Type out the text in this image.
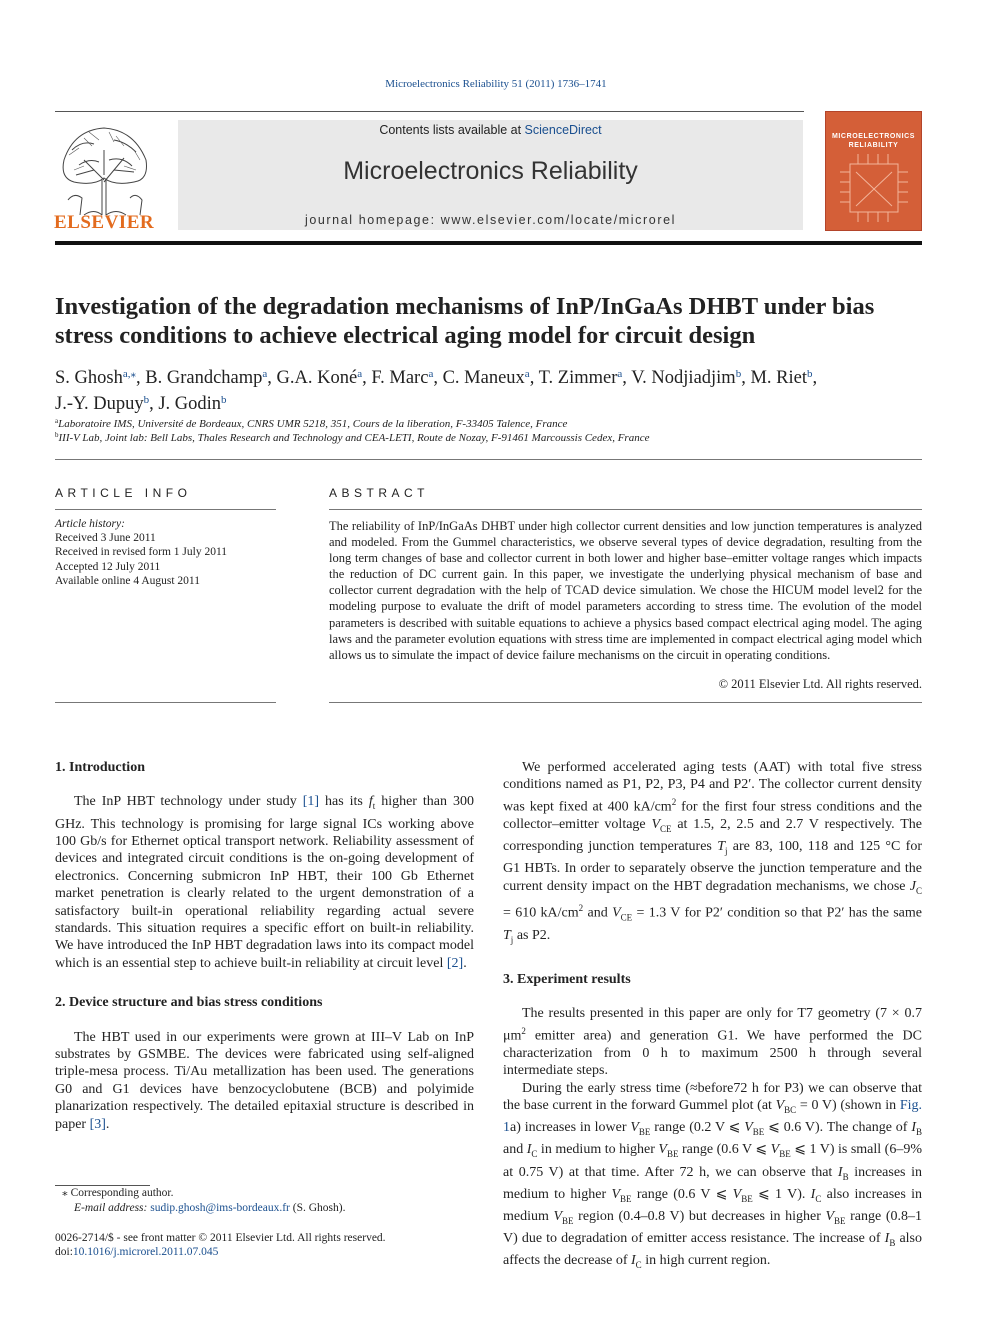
Microelectronics Reliability 51 (2011) 1736–1741
ELSEVIER
Contents lists available at ScienceDirect
Microelectronics Reliability
journal homepage: www.elsevier.com/locate/microrel
MICROELECTRONICS RELIABILITY
Investigation of the degradation mechanisms of InP/InGaAs DHBT under bias stress conditions to achieve electrical aging model for circuit design
S. Ghosh$^{a,⁎}$, B. Grandchamp$^a$, G.A. Koné$^a$, F. Marc$^a$, C. Maneux$^a$, T. Zimmer$^a$, V. Nodjiadjim$^b$, M. Riet$^b$,
J.-Y. Dupuy$^b$, J. Godin$^b$
$^a$Laboratoire IMS, Université de Bordeaux, CNRS UMR 5218, 351, Cours de la liberation, F-33405 Talence, France
$^b$III-V Lab, Joint lab: Bell Labs, Thales Research and Technology and CEA-LETI, Route de Nozay, F-91461 Marcoussis Cedex, France
ARTICLE INFO
Article history:
Received 3 June 2011
Received in revised form 1 July 2011
Accepted 12 July 2011
Available online 4 August 2011
ABSTRACT
The reliability of InP/InGaAs DHBT under high collector current densities and low junction temperatures is analyzed and modeled. From the Gummel characteristics, we observe several types of device degradation, resulting from the long term changes of base and collector current in both lower and higher base–emitter voltage ranges which impacts the reduction of DC current gain. In this paper, we investigate the underlying physical mechanism of base and collector current degradation with the help of TCAD device simulation. We chose the HICUM model level2 for the modeling purpose to evaluate the drift of model parameters according to stress time. The evolution of the model parameters is described with suitable equations to achieve a physics based compact electrical aging model. The aging laws and the parameter evolution equations with stress time are implemented in compact electrical aging model which allows us to simulate the impact of device failure mechanisms on the circuit in operating conditions.
© 2011 Elsevier Ltd. All rights reserved.
1. Introduction

The InP HBT technology under study [1] has its $f_t$ higher than 300 GHz. This technology is promising for large signal ICs working above 100 Gb/s for Ethernet optical transport network. Reliability assessment of devices and integrated circuit conditions is the on-going development of electronics. Concerning submicron InP HBT, their 100 Gb Ethernet market penetration is clearly related to the urgent demonstration of a satisfactory built-in operational reliability regarding actual severe standards. This situation requires a specific effort on built-in reliability. We have introduced the InP HBT degradation laws into its compact model which is an essential step to achieve built-in reliability at circuit level [2].

2. Device structure and bias stress conditions

The HBT used in our experiments were grown at III–V Lab on InP substrates by GSMBE. The devices were fabricated using self-aligned triple-mesa process. Ti/Au metallization has been used. The generations G0 and G1 devices have benzocyclobutene (BCB) and polyimide planarization respectively. The detailed epitaxial structure is described in paper [3].

⁎ Corresponding author.
E-mail address: sudip.ghosh@ims-bordeaux.fr (S. Ghosh).
0026-2714/$ - see front matter © 2011 Elsevier Ltd. All rights reserved.
doi:10.1016/j.microrel.2011.07.045

We performed accelerated aging tests (AAT) with total five stress conditions named as P1, P2, P3, P4 and P2′. The collector current density was kept fixed at 400 $kA/cm^2$ for the first four stress conditions and the collector–emitter voltage $V_{CE}$ at 1.5, 2, 2.5 and 2.7 V respectively. The corresponding junction temperatures $T_j$ are 83, 100, 118 and 125 °C for G1 HBTs. In order to separately observe the junction temperature and the current density impact on the HBT degradation mechanisms, we chose $J_C = 610$ $kA/cm^2$ and $V_{CE} = 1.3$ V for P2′ condition so that P2′ has the same $T_j$ as P2.

3. Experiment results

The results presented in this paper are only for T7 geometry (7 × 0.7 $\mu m^2$ emitter area) and generation G1. We have performed the DC characterization from 0 h to maximum 2500 h through several intermediate steps.

During the early stress time (≈before72 h for P3) we can observe that the base current in the forward Gummel plot (at $V_{BC} = 0$ V) (shown in Fig. 1a) increases in lower $V_{BE}$ range (0.2 V ⩽ $V_{BE}$ ⩽ 0.6 V). The change of $I_B$ and $I_C$ in medium to higher $V_{BE}$ range (0.6 V ⩽ $V_{BE}$ ⩽ 1 V) is small (6–9% at 0.75 V) at that time. After 72 h, we can observe that $I_B$ increases in medium to higher $V_{BE}$ range (0.6 V ⩽ $V_{BE}$ ⩽ 1 V). $I_C$ also increases in medium $V_{BE}$ region (0.4–0.8 V) but decreases in higher $V_{BE}$ range (0.8–1 V) due to degradation of emitter access resistance. The increase of $I_B$ also affects the decrease of $I_C$ in high current region.
